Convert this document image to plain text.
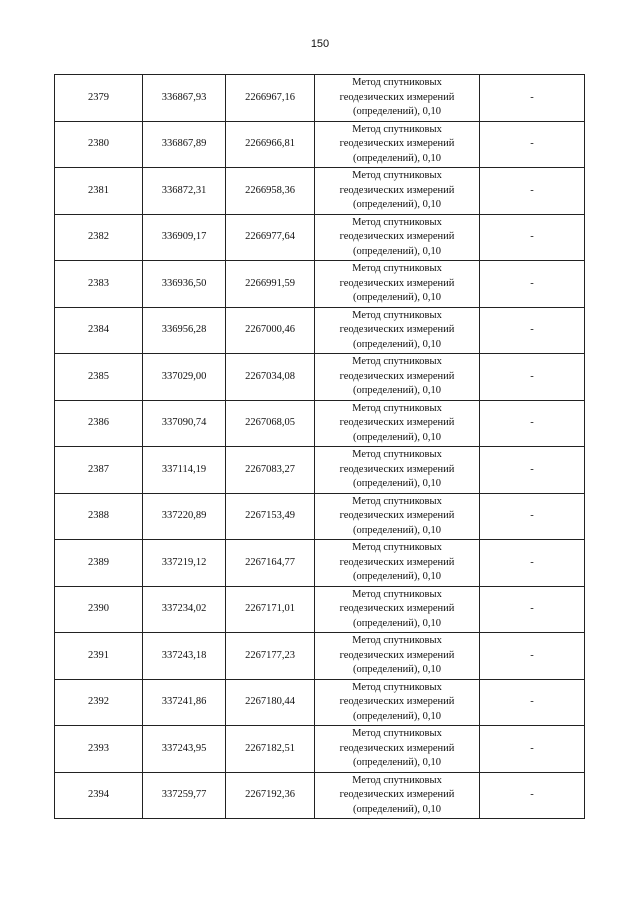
150
2379	336867,93	2266967,16	Метод спутниковых
геодезических измерений
(определений), 0,10	-
2380	336867,89	2266966,81	Метод спутниковых
геодезических измерений
(определений), 0,10	-
2381	336872,31	2266958,36	Метод спутниковых
геодезических измерений
(определений), 0,10	-
2382	336909,17	2266977,64	Метод спутниковых
геодезических измерений
(определений), 0,10	-
2383	336936,50	2266991,59	Метод спутниковых
геодезических измерений
(определений), 0,10	-
2384	336956,28	2267000,46	Метод спутниковых
геодезических измерений
(определений), 0,10	-
2385	337029,00	2267034,08	Метод спутниковых
геодезических измерений
(определений), 0,10	-
2386	337090,74	2267068,05	Метод спутниковых
геодезических измерений
(определений), 0,10	-
2387	337114,19	2267083,27	Метод спутниковых
геодезических измерений
(определений), 0,10	-
2388	337220,89	2267153,49	Метод спутниковых
геодезических измерений
(определений), 0,10	-
2389	337219,12	2267164,77	Метод спутниковых
геодезических измерений
(определений), 0,10	-
2390	337234,02	2267171,01	Метод спутниковых
геодезических измерений
(определений), 0,10	-
2391	337243,18	2267177,23	Метод спутниковых
геодезических измерений
(определений), 0,10	-
2392	337241,86	2267180,44	Метод спутниковых
геодезических измерений
(определений), 0,10	-
2393	337243,95	2267182,51	Метод спутниковых
геодезических измерений
(определений), 0,10	-
2394	337259,77	2267192,36	Метод спутниковых
геодезических измерений
(определений), 0,10	-
